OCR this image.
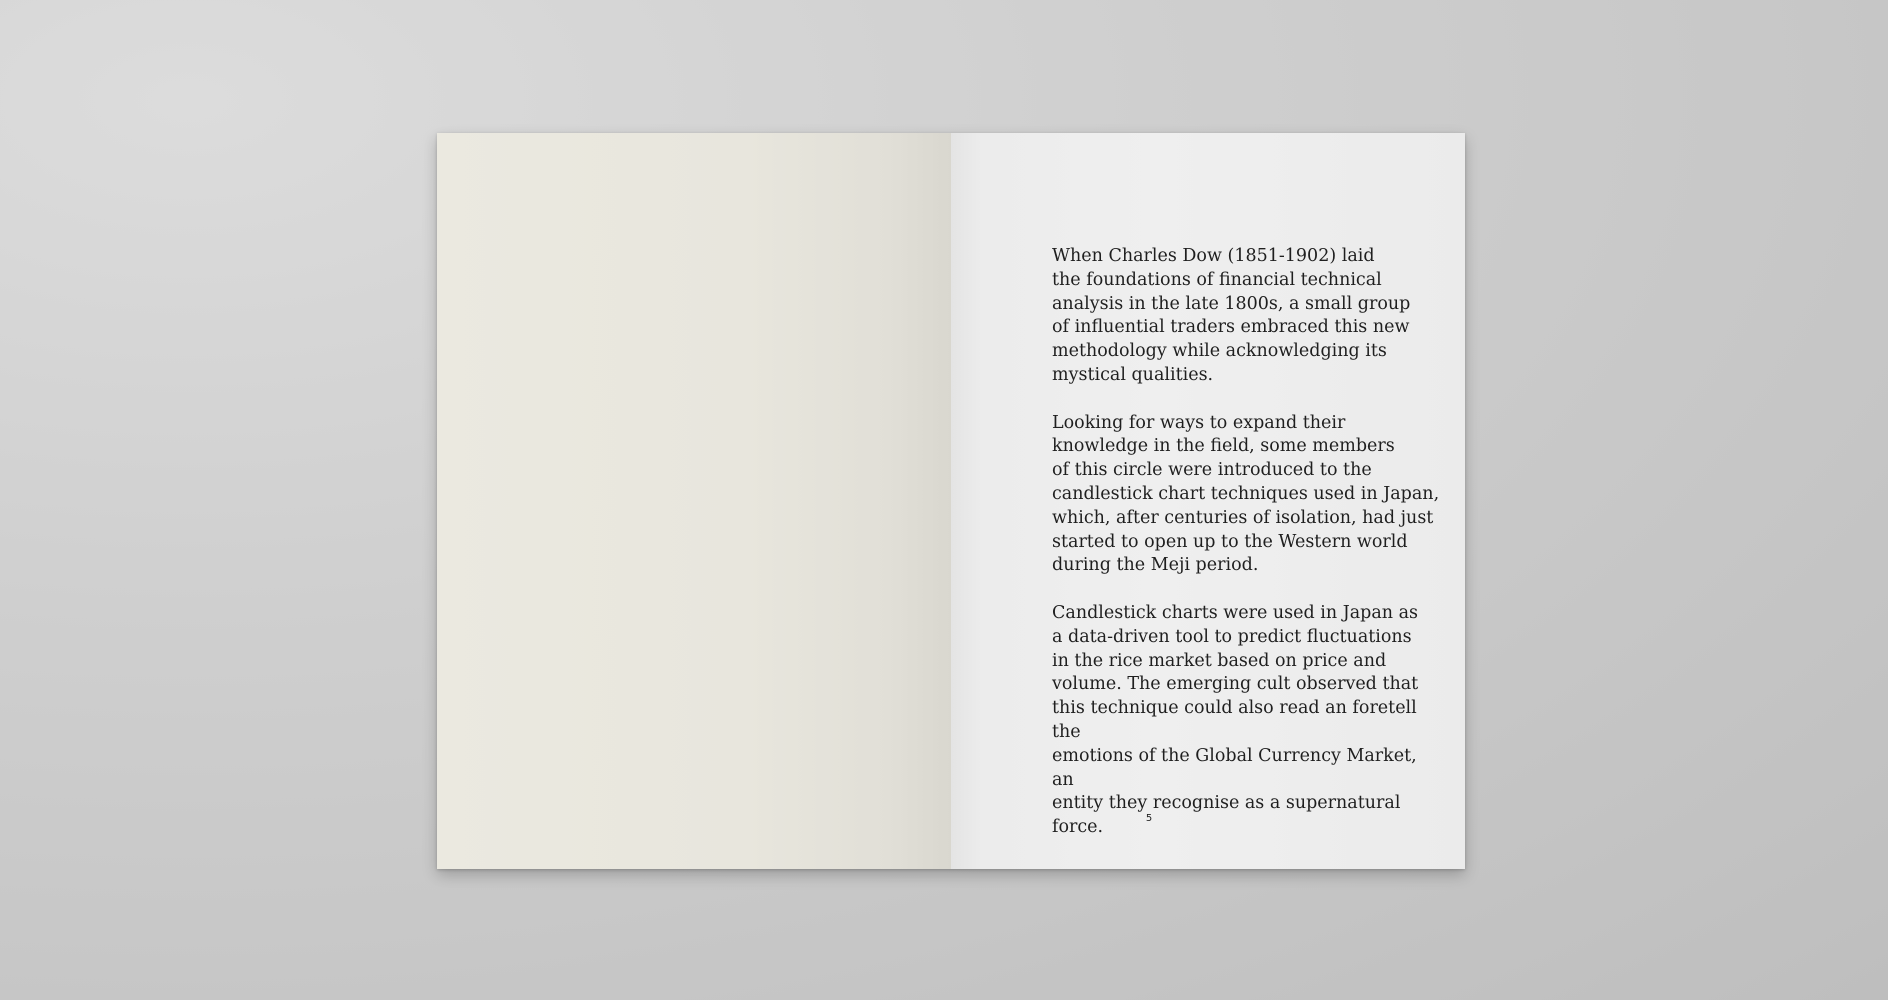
When Charles Dow (1851-1902) laid
the foundations of financial technical
analysis in the late 1800s, a small group
of influential traders embraced this new
methodology while acknowledging its
mystical qualities.

Looking for ways to expand their
knowledge in the field, some members
of this circle were introduced to the
candlestick chart techniques used in Japan,
which, after centuries of isolation, had just
started to open up to the Western world
during the Meji period.

Candlestick charts were used in Japan as
a data-driven tool to predict fluctuations
in the rice market based on price and
volume. The emerging cult observed that
this technique could also read an foretell the
emotions of the Global Currency Market, an
entity they recognise as a supernatural force.	5
